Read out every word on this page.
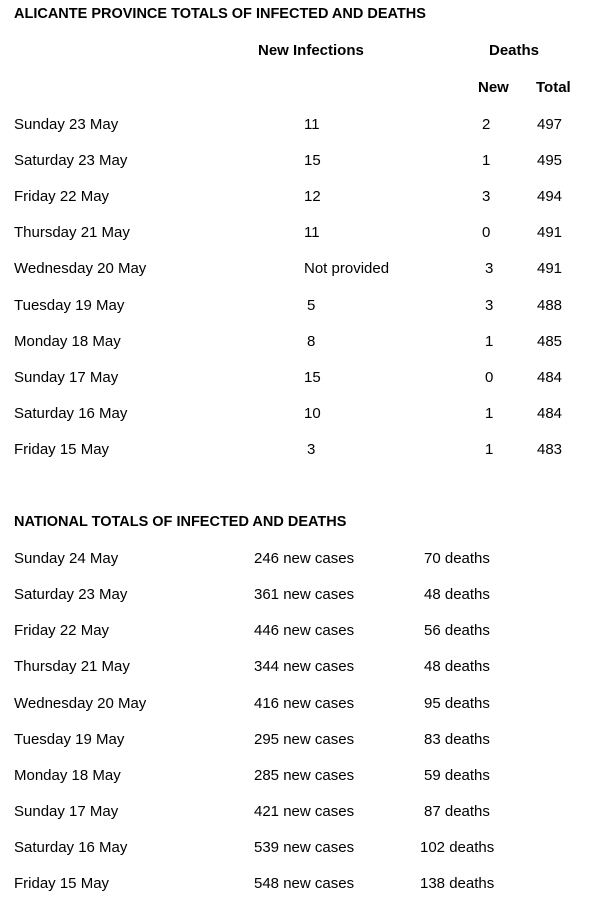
ALICANTE PROVINCE TOTALS OF INFECTED AND DEATHS
New Infections	Deaths
New Total
Sunday 23 May	11	2	497
Saturday 23 May	15	1	495
Friday 22 May	12	3	494
Thursday 21 May	11	0	491
Wednesday 20 May	Not provided	3	491
Tuesday 19 May	5	3	488
Monday 18 May	8	1	485
Sunday 17 May	15	0	484
Saturday 16 May	10	1	484
Friday 15 May	3	1	483
NATIONAL TOTALS OF INFECTED AND DEATHS
Sunday 24 May	246 new cases	70 deaths
Saturday 23 May	361 new cases	48 deaths
Friday 22 May	446 new cases	56 deaths
Thursday 21 May	344 new cases	48 deaths
Wednesday 20 May	416 new cases	95 deaths
Tuesday 19 May	295 new cases	83 deaths
Monday 18 May	285 new cases	59 deaths
Sunday 17 May	421 new cases	87 deaths
Saturday 16 May	539 new cases	102 deaths
Friday 15 May	548 new cases	138 deaths
